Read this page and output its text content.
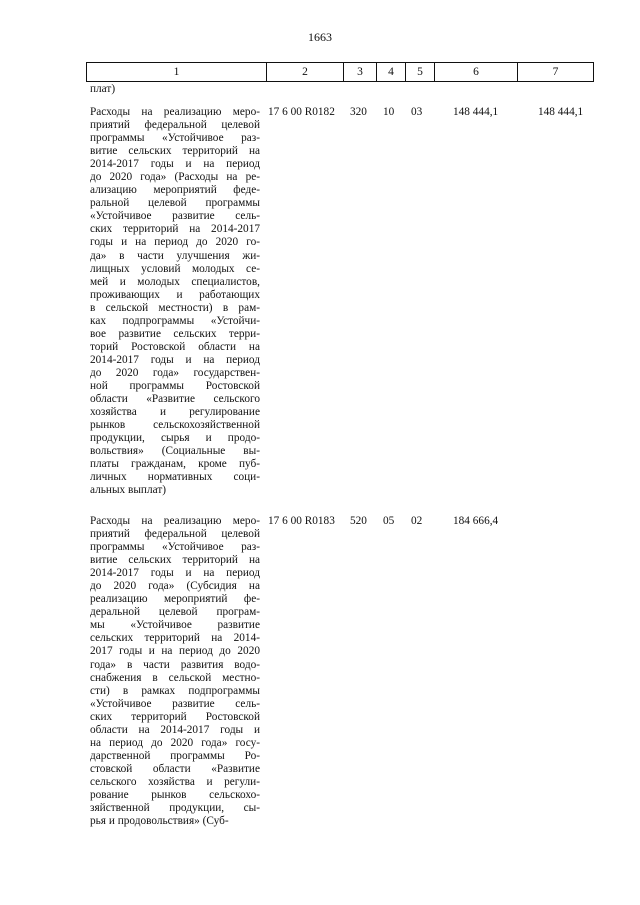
1663
1	2	3	4	5	6	7
плат)
Расходы на реализацию меро-
приятий федеральной целевой
программы «Устойчивое раз-
витие сельских территорий на
2014-2017 годы и на период
до 2020 года» (Расходы на ре-
ализацию мероприятий феде-
ральной целевой программы
«Устойчивое развитие сель-
ских территорий на 2014-2017
годы и на период до 2020 го-
да» в части улучшения жи-
лищных условий молодых се-
мей и молодых специалистов,
проживающих и работающих
в сельской местности) в рам-
ках подпрограммы «Устойчи-
вое развитие сельских терри-
торий Ростовской области на
2014-2017 годы и на период
до 2020 года» государствен-
ной программы Ростовской
области «Развитие сельского
хозяйства и регулирование
рынков сельскохозяйственной
продукции, сырья и продо-
вольствия» (Социальные вы-
платы гражданам, кроме пуб-
личных нормативных соци-
альных выплат)
17 6 00 R0182 320 10 03	148 444,1	148 444,1
Расходы на реализацию меро-
приятий федеральной целевой
программы «Устойчивое раз-
витие сельских территорий на
2014-2017 годы и на период
до 2020 года» (Субсидия на
реализацию мероприятий фе-
деральной целевой програм-
мы «Устойчивое развитие
сельских территорий на 2014-
2017 годы и на период до 2020
года» в части развития водо-
снабжения в сельской местно-
сти) в рамках подпрограммы
«Устойчивое развитие сель-
ских территорий Ростовской
области на 2014-2017 годы и
на период до 2020 года» госу-
дарственной программы Ро-
стовской области «Развитие
сельского хозяйства и регули-
рование рынков сельскохо-
зяйственной продукции, сы-
рья и продовольствия» (Суб-
17 6 00 R0183 520 05 02	184 666,4
